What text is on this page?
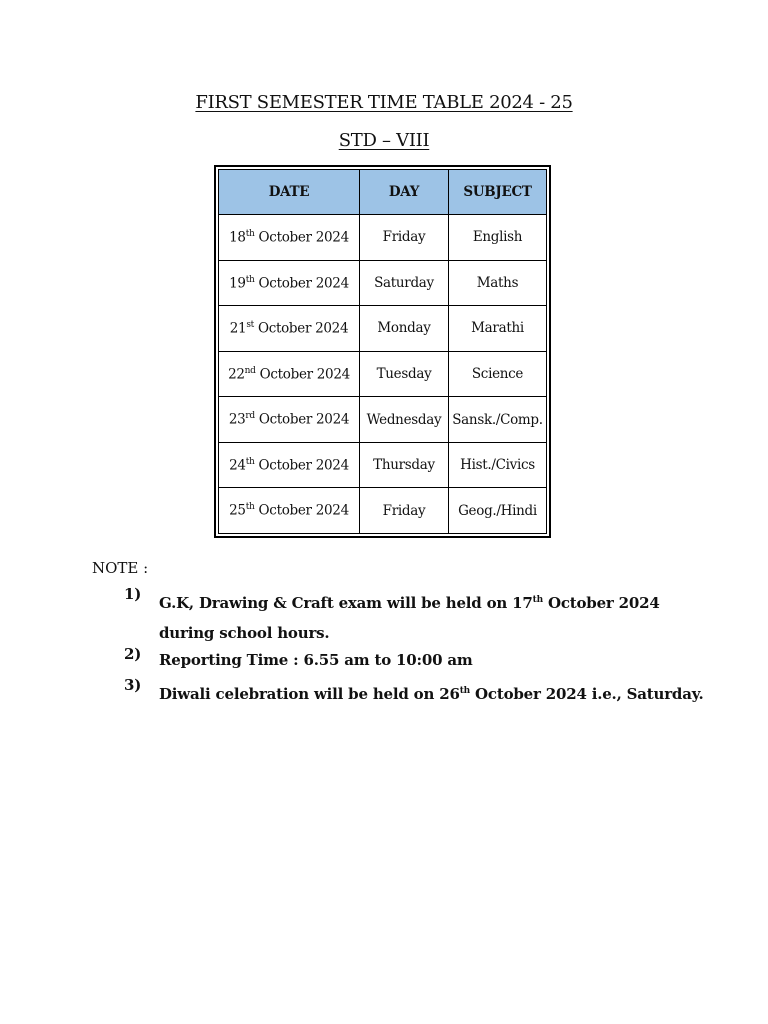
FIRST SEMESTER TIME TABLE 2024 - 25
STD – VIII
DATE	DAY	SUBJECT
18th October 2024	Friday	English
19th October 2024	Saturday	Maths
21st October 2024	Monday	Marathi
22nd October 2024	Tuesday	Science
23rd October 2024	Wednesday	Sansk./Comp.
24th October 2024	Thursday	Hist./Civics
25th October 2024	Friday	Geog./Hindi
NOTE :
1)	G.K, Drawing & Craft exam will be held on 17th October 2024 during school hours.
2)	Reporting Time : 6.55 am to 10:00 am
3)	Diwali celebration will be held on 26th October 2024 i.e., Saturday.
